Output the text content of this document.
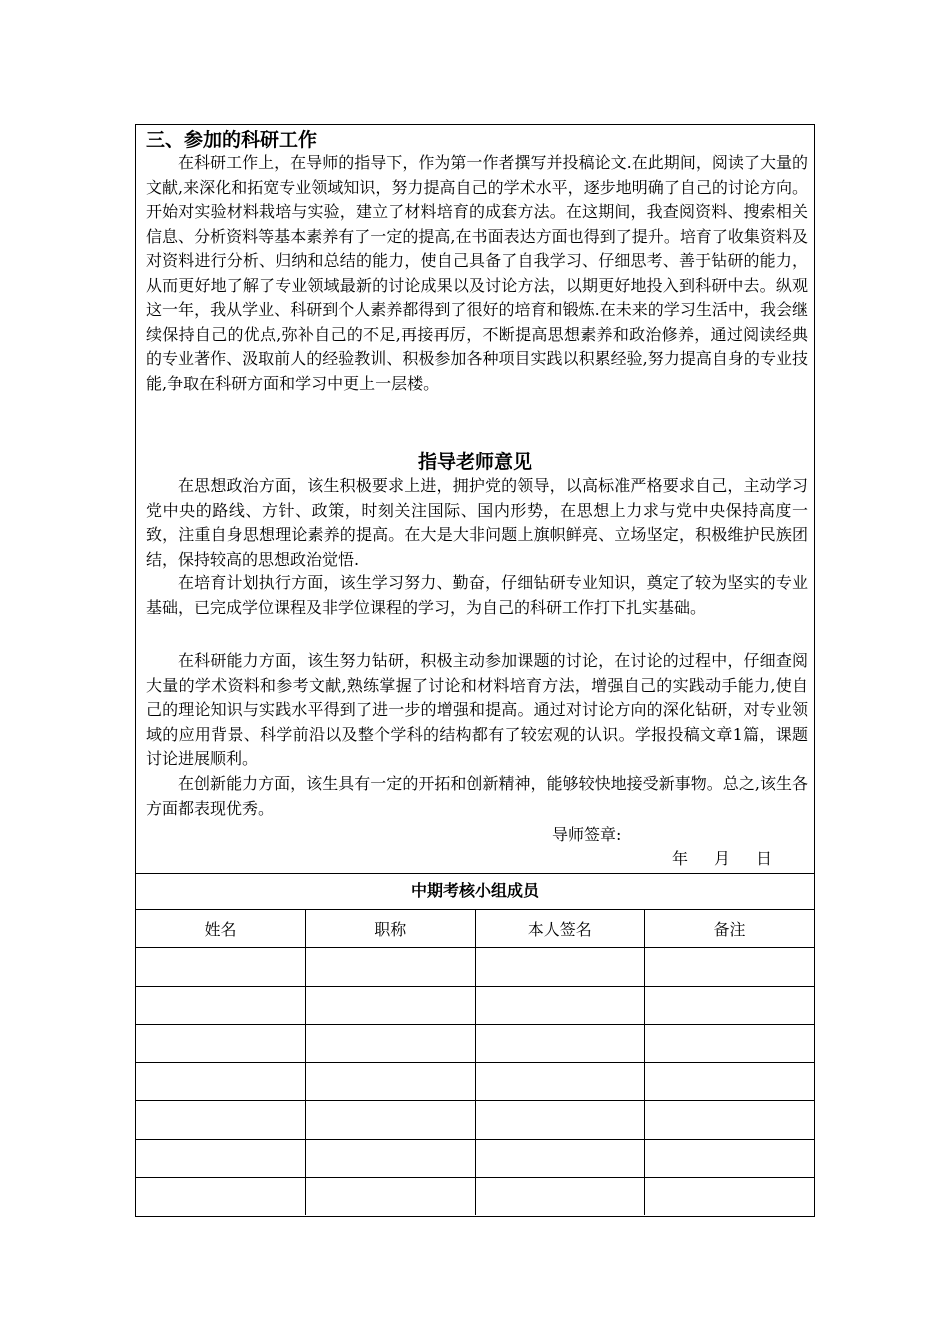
三、参加的科研工作

在科研工作上，在导师的指导下，作为第一作者撰写并投稿论文.在此期间，阅读了大量的文献,来深化和拓宽专业领域知识，努力提高自己的学术水平，逐步地明确了自己的讨论方向。开始对实验材料栽培与实验，建立了材料培育的成套方法。在这期间，我查阅资料、搜索相关信息、分析资料等基本素养有了一定的提高,在书面表达方面也得到了提升。培育了收集资料及对资料进行分析、归纳和总结的能力，使自己具备了自我学习、仔细思考、善于钻研的能力，从而更好地了解了专业领域最新的讨论成果以及讨论方法，以期更好地投入到科研中去。纵观这一年，我从学业、科研到个人素养都得到了很好的培育和锻炼.在未来的学习生活中，我会继续保持自己的优点,弥补自己的不足,再接再厉，不断提高思想素养和政治修养，通过阅读经典的专业著作、汲取前人的经验教训、积极参加各种项目实践以积累经验,努力提高自身的专业技能,争取在科研方面和学习中更上一层楼。

指导老师意见

在思想政治方面，该生积极要求上进，拥护党的领导，以高标准严格要求自己，主动学习党中央的路线、方针、政策，时刻关注国际、国内形势，在思想上力求与党中央保持高度一致，注重自身思想理论素养的提高。在大是大非问题上旗帜鲜亮、立场坚定，积极维护民族团结，保持较高的思想政治觉悟.

在培育计划执行方面，该生学习努力、勤奋，仔细钻研专业知识，奠定了较为坚实的专业基础，已完成学位课程及非学位课程的学习，为自己的科研工作打下扎实基础。

在科研能力方面，该生努力钻研，积极主动参加课题的讨论，在讨论的过程中，仔细查阅大量的学术资料和参考文献,熟练掌握了讨论和材料培育方法，增强自己的实践动手能力,使自己的理论知识与实践水平得到了进一步的增强和提高。通过对讨论方向的深化钻研，对专业领域的应用背景、科学前沿以及整个学科的结构都有了较宏观的认识。学报投稿文章1篇，课题讨论进展顺利。

在创新能力方面，该生具有一定的开拓和创新精神，能够较快地接受新事物。总之,该生各方面都表现优秀。

导师签章:
年 月 日
中期考核小组成员
姓名	职称	本人签名	备注
